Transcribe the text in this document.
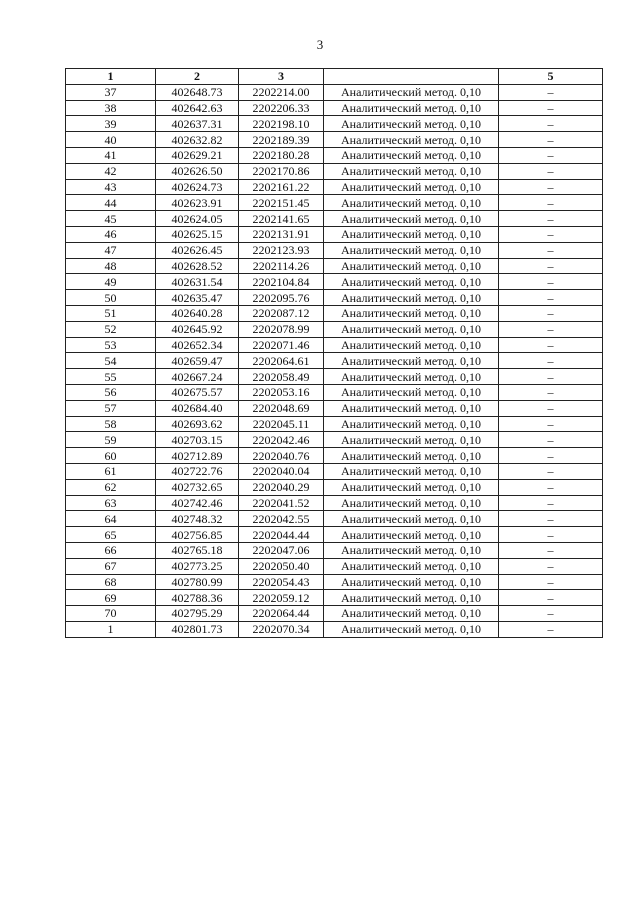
3
1	2	3		5
37	402648.73	2202214.00	Аналитический метод. 0,10	–
38	402642.63	2202206.33	Аналитический метод. 0,10	–
39	402637.31	2202198.10	Аналитический метод. 0,10	–
40	402632.82	2202189.39	Аналитический метод. 0,10	–
41	402629.21	2202180.28	Аналитический метод. 0,10	–
42	402626.50	2202170.86	Аналитический метод. 0,10	–
43	402624.73	2202161.22	Аналитический метод. 0,10	–
44	402623.91	2202151.45	Аналитический метод. 0,10	–
45	402624.05	2202141.65	Аналитический метод. 0,10	–
46	402625.15	2202131.91	Аналитический метод. 0,10	–
47	402626.45	2202123.93	Аналитический метод. 0,10	–
48	402628.52	2202114.26	Аналитический метод. 0,10	–
49	402631.54	2202104.84	Аналитический метод. 0,10	–
50	402635.47	2202095.76	Аналитический метод. 0,10	–
51	402640.28	2202087.12	Аналитический метод. 0,10	–
52	402645.92	2202078.99	Аналитический метод. 0,10	–
53	402652.34	2202071.46	Аналитический метод. 0,10	–
54	402659.47	2202064.61	Аналитический метод. 0,10	–
55	402667.24	2202058.49	Аналитический метод. 0,10	–
56	402675.57	2202053.16	Аналитический метод. 0,10	–
57	402684.40	2202048.69	Аналитический метод. 0,10	–
58	402693.62	2202045.11	Аналитический метод. 0,10	–
59	402703.15	2202042.46	Аналитический метод. 0,10	–
60	402712.89	2202040.76	Аналитический метод. 0,10	–
61	402722.76	2202040.04	Аналитический метод. 0,10	–
62	402732.65	2202040.29	Аналитический метод. 0,10	–
63	402742.46	2202041.52	Аналитический метод. 0,10	–
64	402748.32	2202042.55	Аналитический метод. 0,10	–
65	402756.85	2202044.44	Аналитический метод. 0,10	–
66	402765.18	2202047.06	Аналитический метод. 0,10	–
67	402773.25	2202050.40	Аналитический метод. 0,10	–
68	402780.99	2202054.43	Аналитический метод. 0,10	–
69	402788.36	2202059.12	Аналитический метод. 0,10	–
70	402795.29	2202064.44	Аналитический метод. 0,10	–
1	402801.73	2202070.34	Аналитический метод. 0,10	–
